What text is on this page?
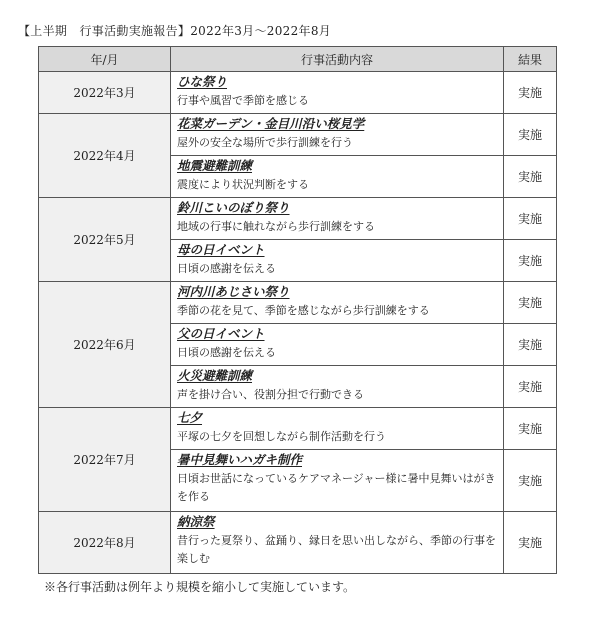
【上半期　行事活動実施報告】2022年3月～2022年8月
年/月	行事活動内容	結果
2022年3月	ひな祭り
行事や風習で季節を感じる	実施
2022年4月	花菜ガーデン・金目川沿い桜見学
屋外の安全な場所で歩行訓練を行う	実施

	地震避難訓練
震度により状況判断をする	実施
2022年5月	鈴川こいのぼり祭り
地域の行事に触れながら歩行訓練をする	実施

	母の日イベント
日頃の感謝を伝える	実施
2022年6月	河内川あじさい祭り
季節の花を見て、季節を感じながら歩行訓練をする	実施

	父の日イベント
日頃の感謝を伝える	実施

	火災避難訓練
声を掛け合い、役割分担で行動できる	実施
2022年7月	七夕
平塚の七夕を回想しながら制作活動を行う	実施

	暑中見舞いハガキ制作
日頃お世話になっているケアマネージャー様に暑中見舞いはがきを作る	実施
2022年8月	納涼祭
昔行った夏祭り、盆踊り、縁日を思い出しながら、季節の行事を楽しむ	実施
※各行事活動は例年より規模を縮小して実施しています。
